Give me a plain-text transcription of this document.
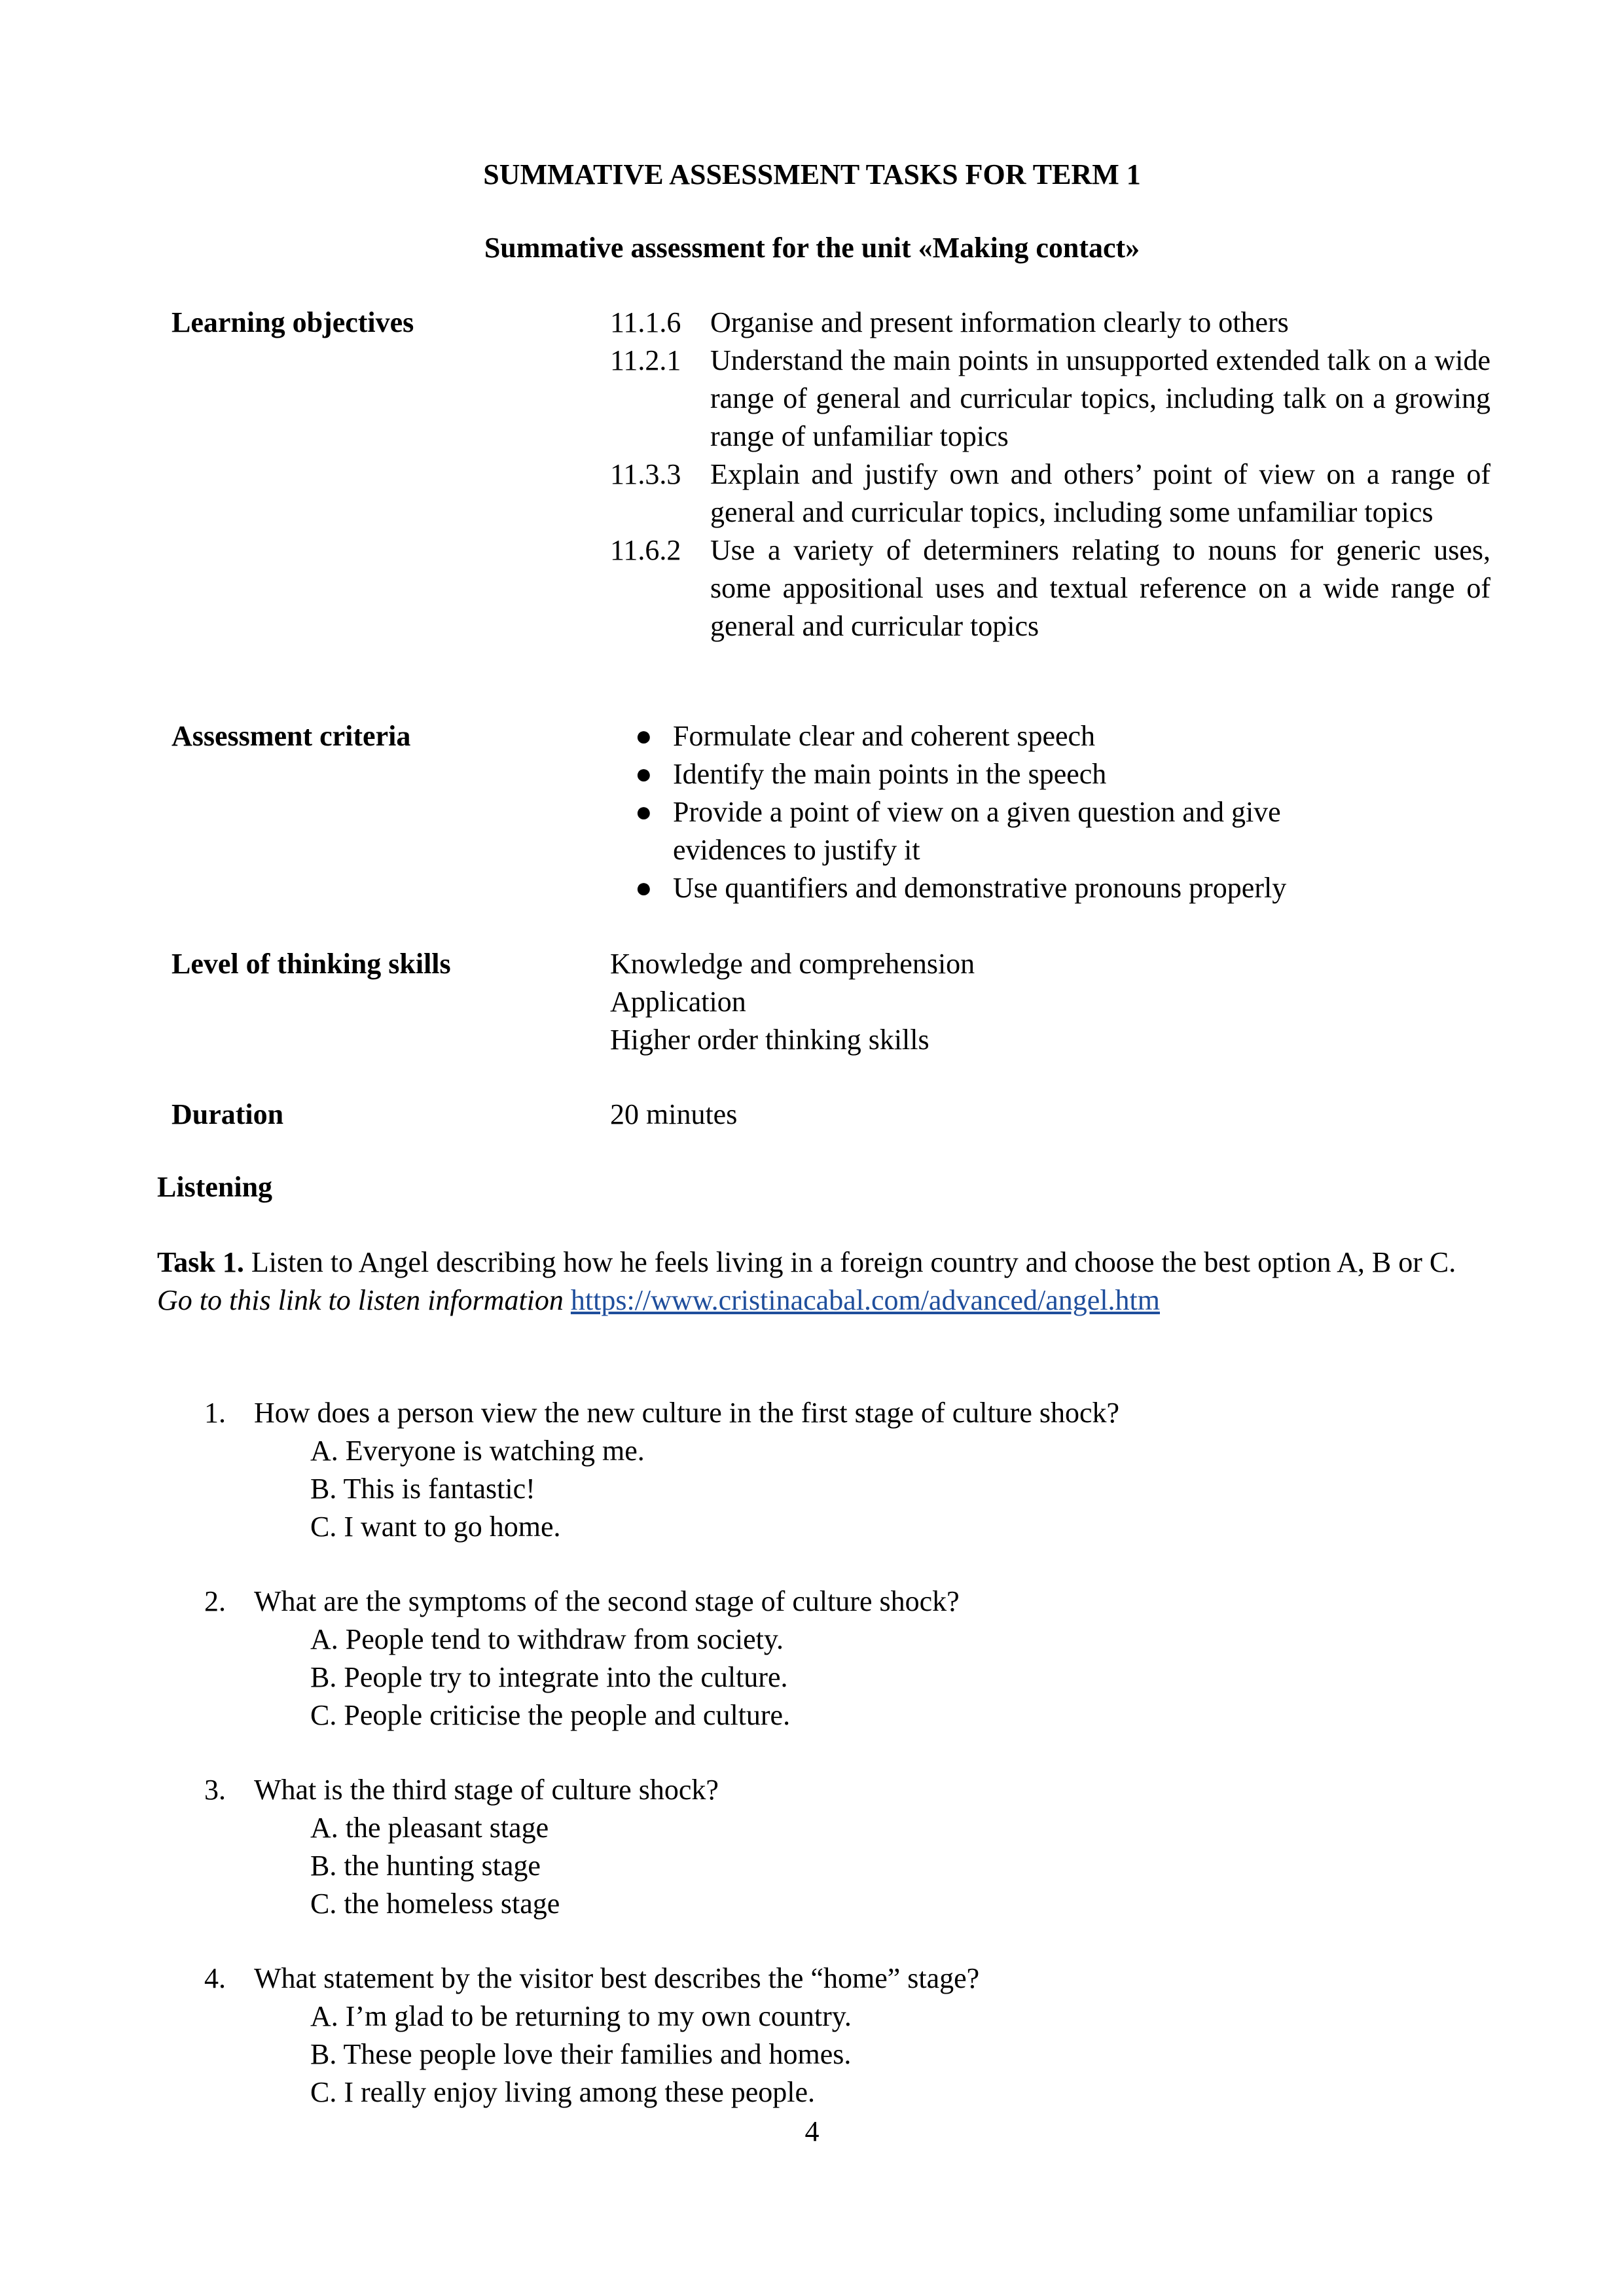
SUMMATIVE ASSESSMENT TASKS FOR TERM 1
Summative assessment for the unit «Making contact»
Learning objectives	11.1.6	Organise and present information clearly to others
11.2.1	Understand the main points in unsupported extended talk on a wide range of general and curricular topics, including talk on a growing range of unfamiliar topics
11.3.3	Explain and justify own and others’ point of view on a range of general and curricular topics, including some unfamiliar topics
11.6.2	Use a variety of determiners relating to nouns for generic uses, some appositional uses and textual reference on a wide range of general and curricular topics
Assessment criteria	● Formulate clear and coherent speech
● Identify the main points in the speech
● Provide a point of view on a given question and give evidences to justify it
● Use quantifiers and demonstrative pronouns properly
Level of thinking skills	Knowledge and comprehension
Application
Higher order thinking skills
Duration	20 minutes
Listening
Task 1. Listen to Angel describing how he feels living in a foreign country and choose the best option A, B or C.
Go to this link to listen information https://www.cristinacabal.com/advanced/angel.htm
1. How does a person view the new culture in the first stage of culture shock?
A. Everyone is watching me.
B. This is fantastic!
C. I want to go home.
2. What are the symptoms of the second stage of culture shock?
A. People tend to withdraw from society.
B. People try to integrate into the culture.
C. People criticise the people and culture.
3. What is the third stage of culture shock?
A. the pleasant stage
B. the hunting stage
C. the homeless stage
4. What statement by the visitor best describes the “home” stage?
A. I’m glad to be returning to my own country.
B. These people love their families and homes.
C. I really enjoy living among these people.
4
